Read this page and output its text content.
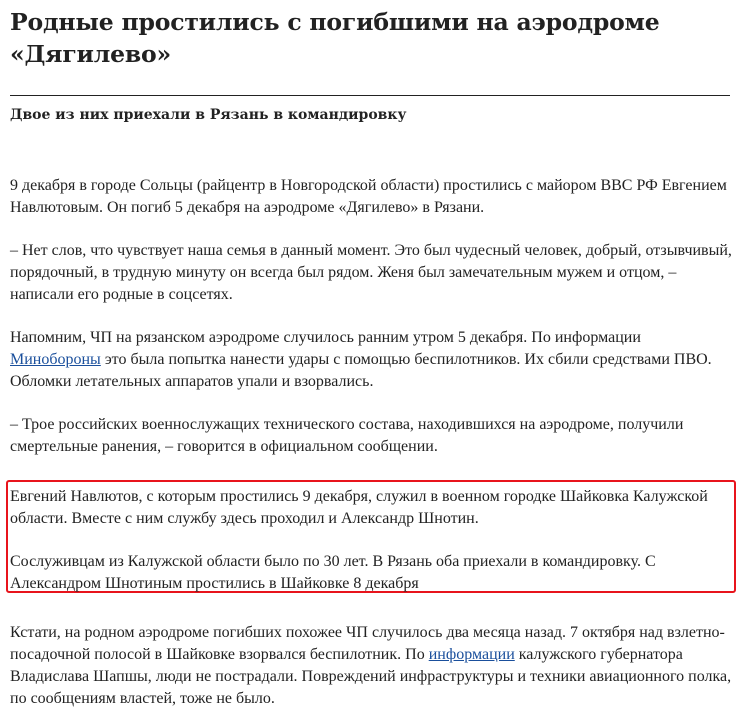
Родные простились с погибшими на аэродроме «Дягилево»
Двое из них приехали в Рязань в командировку

9 декабря в городе Сольцы (райцентр в Новгородской области) простились с майором ВВС РФ Евгением Навлютовым. Он погиб 5 декабря на аэродроме «Дягилево» в Рязани.

– Нет слов, что чувствует наша семья в данный момент. Это был чудесный человек, добрый, отзывчивый, порядочный, в трудную минуту он всегда был рядом. Женя был замечательным мужем и отцом, – написали его родные в соцсетях.

Напомним, ЧП на рязанском аэродроме случилось ранним утром 5 декабря. По информации Минобороны это была попытка нанести удары с помощью беспилотников. Их сбили средствами ПВО. Обломки летательных аппаратов упали и взорвались.

– Трое российских военнослужащих технического состава, находившихся на аэродроме, получили смертельные ранения, – говорится в официальном сообщении.

Евгений Навлютов, с которым простились 9 декабря, служил в военном городке Шайковка Калужской области. Вместе с ним службу здесь проходил и Александр Шнотин.

Сослуживцам из Калужской области было по 30 лет. В Рязань оба приехали в командировку. С Александром Шнотиным простились в Шайковке 8 декабря

Кстати, на родном аэродроме погибших похожее ЧП случилось два месяца назад. 7 октября над взлетно-посадочной полосой в Шайковке взорвался беспилотник. По информации калужского губернатора Владислава Шапшы, люди не пострадали. Повреждений инфраструктуры и техники авиационного полка, по сообщениям властей, тоже не было.
